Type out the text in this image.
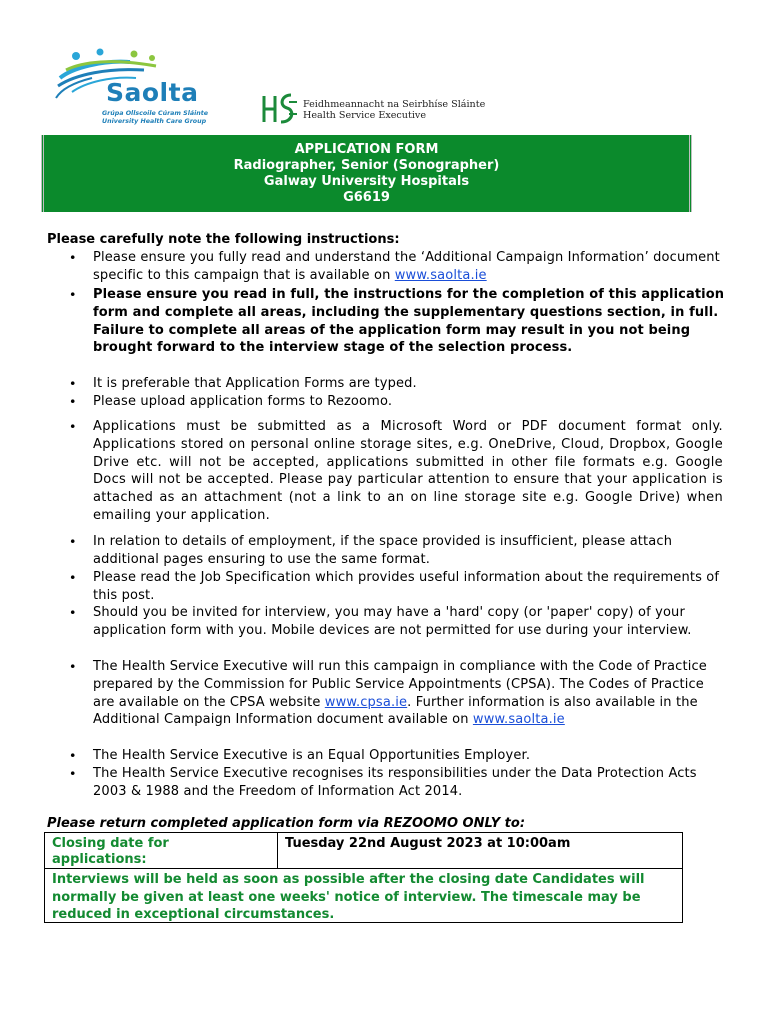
Saolta
Grúpa Ollscoile Cúram Sláinte
University Health Care Group
Feidhmeannacht na Seirbhíse Sláinte
Health Service Executive
APPLICATION FORM
Radiographer, Senior (Sonographer)
Galway University Hospitals
G6619
Please carefully note the following instructions:
• Please ensure you fully read and understand the ‘Additional Campaign Information’ document specific to this campaign that is available on www.saolta.ie
• Please ensure you read in full, the instructions for the completion of this application form and complete all areas, including the supplementary questions section, in full. Failure to complete all areas of the application form may result in you not being brought forward to the interview stage of the selection process.
• It is preferable that Application Forms are typed.
• Please upload application forms to Rezoomo.
• Applications must be submitted as a Microsoft Word or PDF document format only. Applications stored on personal online storage sites, e.g. OneDrive, Cloud, Dropbox, Google Drive etc. will not be accepted, applications submitted in other file formats e.g. Google Docs will not be accepted. Please pay particular attention to ensure that your application is attached as an attachment (not a link to an on line storage site e.g. Google Drive) when emailing your application.
• In relation to details of employment, if the space provided is insufficient, please attach additional pages ensuring to use the same format.
• Please read the Job Specification which provides useful information about the requirements of this post.
• Should you be invited for interview, you may have a 'hard' copy (or 'paper' copy) of your application form with you. Mobile devices are not permitted for use during your interview.
• The Health Service Executive will run this campaign in compliance with the Code of Practice prepared by the Commission for Public Service Appointments (CPSA). The Codes of Practice are available on the CPSA website www.cpsa.ie. Further information is also available in the Additional Campaign Information document available on www.saolta.ie
• The Health Service Executive is an Equal Opportunities Employer.
• The Health Service Executive recognises its responsibilities under the Data Protection Acts 2003 & 1988 and the Freedom of Information Act 2014.
Please return completed application form via REZOOMO ONLY to:
Closing date for
applications:
Tuesday 22nd August 2023 at 10:00am
Interviews will be held as soon as possible after the closing date Candidates will normally be given at least one weeks' notice of interview. The timescale may be reduced in exceptional circumstances.
